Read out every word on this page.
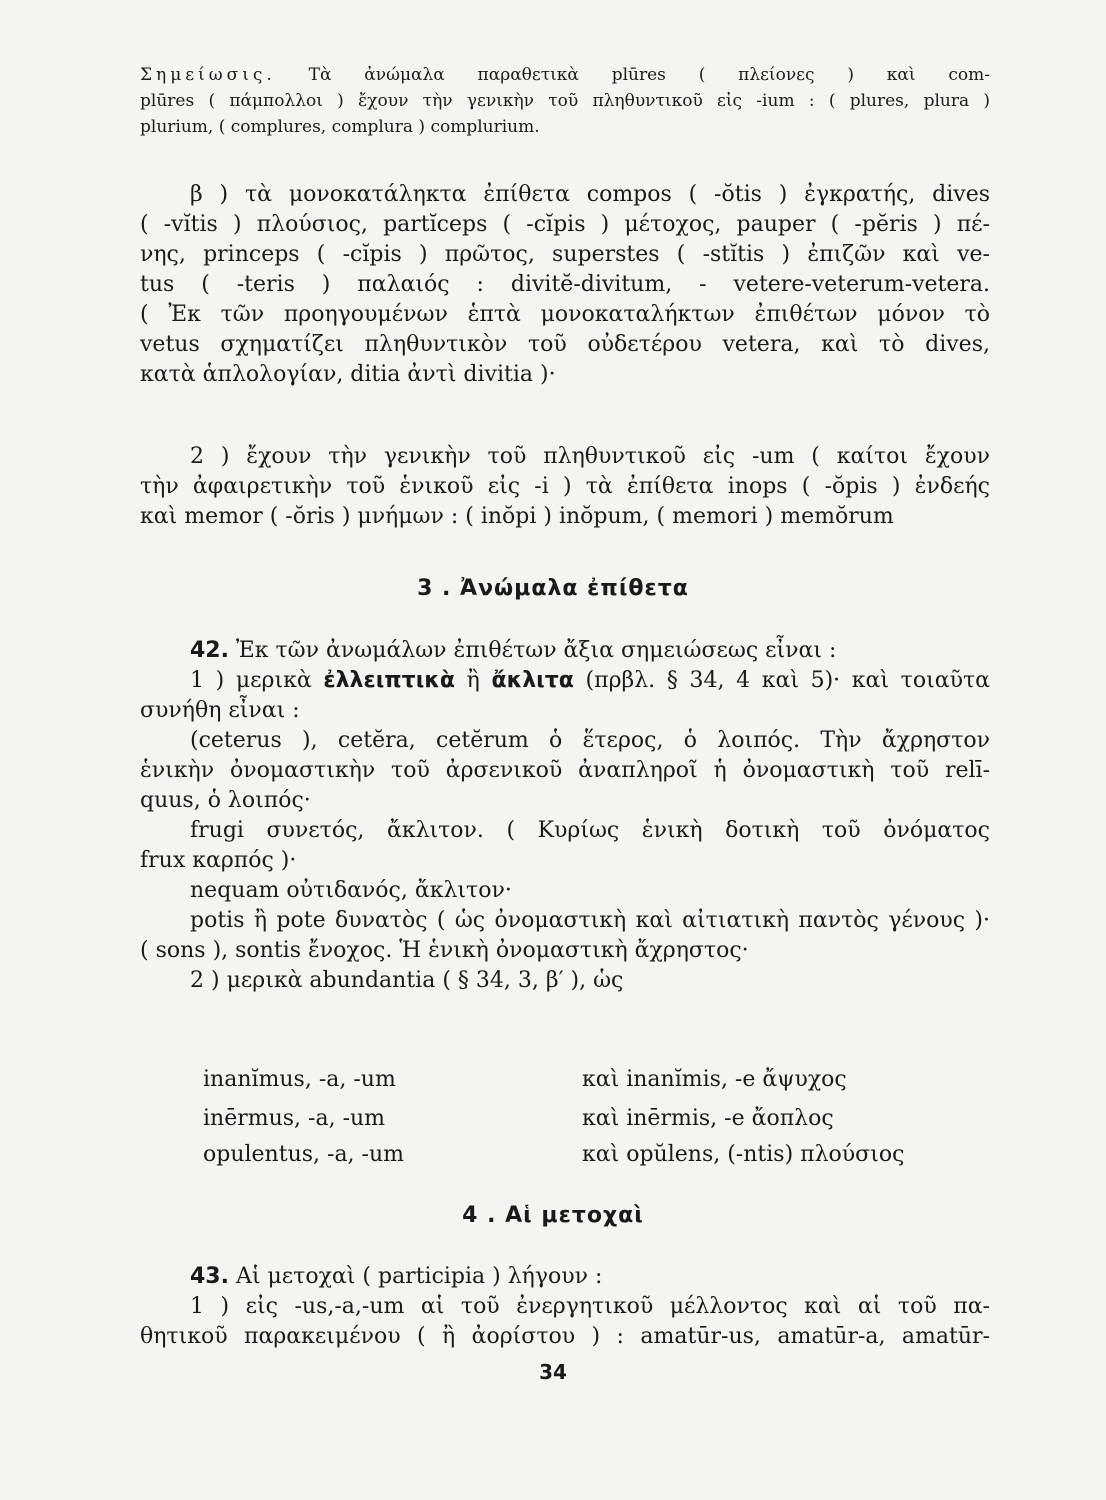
Σημείωσις. Τὰ ἀνώμαλα παραθετικὰ plūres ( πλείονες ) καὶ com-

plūres ( πάμπολλοι ) ἔχουν τὴν γενικὴν τοῦ πληθυντικοῦ εἰς -ium : ( plures, plura )

plurium, ( complures, complura ) complurium.

β ) τὰ μονοκατάληκτα ἐπίθετα compos ( -ŏtis ) ἐγκρατής, dives

( -vĭtis ) πλούσιος, partĭceps ( -cĭpis ) μέτοχος, pauper ( -pĕris ) πέ-

νης, princeps ( -cĭpis ) πρῶτος, superstes ( -stĭtis ) ἐπιζῶν καὶ ve-

tus ( -teris ) παλαιός : divitĕ-divitum, - vetere-veterum-vetera.

( Ἐκ τῶν προηγουμένων ἑπτὰ μονοκαταλήκτων ἐπιθέτων μόνον τὸ

vetus σχηματίζει πληθυντικὸν τοῦ οὐδετέρου vetera, καὶ τὸ dives,

κατὰ ἁπλολογίαν, ditia ἀντὶ divitia )·

2 ) ἔχουν τὴν γενικὴν τοῦ πληθυντικοῦ εἰς -um ( καίτοι ἔχουν

τὴν ἀφαιρετικὴν τοῦ ἑνικοῦ εἰς -i ) τὰ ἐπίθετα inops ( -ŏpis ) ἐνδεής

καὶ memor ( -ŏris ) μνήμων : ( inŏpi ) inŏpum, ( memori ) memŏrum

3 . Ἀνώμαλα ἐπίθετα

42. Ἐκ τῶν ἀνωμάλων ἐπιθέτων ἄξια σημειώσεως εἶναι :

1 ) μερικὰ ἐλλειπτικὰ ἢ ἄκλιτα (πρβλ. § 34, 4 καὶ 5)· καὶ τοιαῦτα

συνήθη εἶναι :

(ceterus ), cetĕra, cetĕrum ὁ ἕτερος, ὁ λοιπός. Τὴν ἄχρηστον

ἑνικὴν ὀνομαστικὴν τοῦ ἀρσενικοῦ ἀναπληροῖ ἡ ὀνομαστικὴ τοῦ relī-

quus, ὁ λοιπός·

frugi συνετός, ἄκλιτον. ( Κυρίως ἑνικὴ δοτικὴ τοῦ ὀνόματος

frux καρπός )·

nequam οὐτιδανός, ἄκλιτον·

potis ἢ pote δυνατὸς ( ὡς ὀνομαστικὴ καὶ αἰτιατικὴ παντὸς γένους )·

( sons ), sontis ἔνοχος. Ἡ ἑνικὴ ὀνομαστικὴ ἄχρηστος·

2 ) μερικὰ abundantia ( § 34, 3, β′ ), ὡς

inanĭmus, -a, -um	καὶ inanĭmis, -e ἄψυχος
inērmus, -a, -um	καὶ inērmis, -e ἄοπλος
opulentus, -a, -um	καὶ opŭlens, (-ntis) πλούσιος
4 . Αἱ μετοχαὶ

43. Αἱ μετοχαὶ ( participia ) λήγουν :

1 ) εἰς -us,-a,-um αἱ τοῦ ἐνεργητικοῦ μέλλοντος καὶ αἱ τοῦ πα-

θητικοῦ παρακειμένου ( ἢ ἀορίστου ) : amatūr-us, amatūr-a, amatūr-

34
